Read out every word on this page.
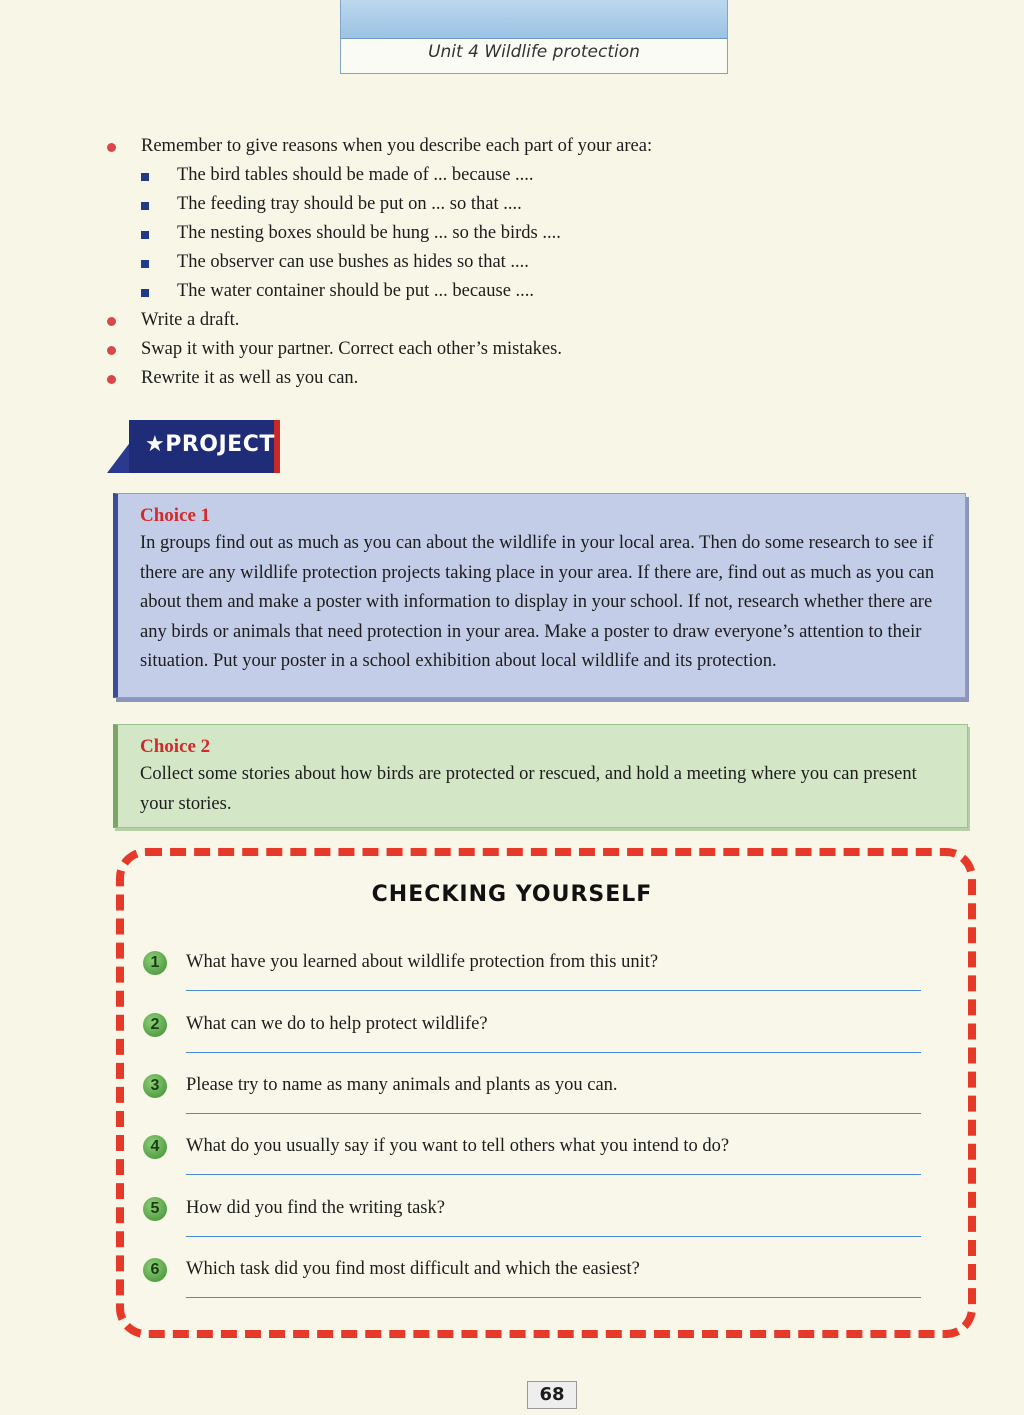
Unit 4 Wildlife protection
Remember to give reasons when you describe each part of your area:
The bird tables should be made of ... because ....
The feeding tray should be put on ... so that ....
The nesting boxes should be hung ... so the birds ....
The observer can use bushes as hides so that ....
The water container should be put ... because ....
Write a draft.
Swap it with your partner. Correct each other’s mistakes.
Rewrite it as well as you can.
★PROJECT
Choice 1
In groups find out as much as you can about the wildlife in your local area. Then do some research to see if there are any wildlife protection projects taking place in your area. If there are, find out as much as you can about them and make a poster with information to display in your school. If not, research whether there are any birds or animals that need protection in your area. Make a poster to draw everyone’s attention to their situation. Put your poster in a school exhibition about local wildlife and its protection.
Choice 2
Collect some stories about how birds are protected or rescued, and hold a meeting where you can present your stories.
CHECKING YOURSELF
1	What have you learned about wildlife protection from this unit?
2	What can we do to help protect wildlife?
3	Please try to name as many animals and plants as you can.
4	What do you usually say if you want to tell others what you intend to do?
5	How did you find the writing task?
6	Which task did you find most difficult and which the easiest?
68
